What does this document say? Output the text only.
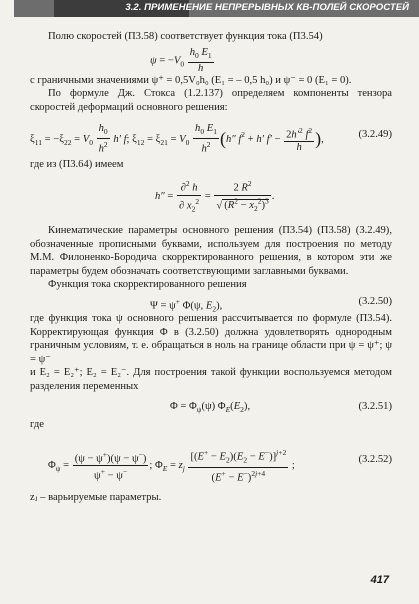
3.2. ПРИМЕНЕНИЕ НЕПРЕРЫВНЫХ КВ-ПОЛЕЙ СКОРОСТЕЙ

Полю скоростей (П3.58) соответствует функция тока (П3.54)

$\psi = -V_0 \frac{h_0 E_1}{h}$

с граничными значениями ψ⁺ = 0,5V₀h₀ (E₁ = – 0,5 h₀) и ψ⁻ = 0 (E₁ = 0).

По формуле Дж. Стокса (1.2.137) определяем компоненты тензора скоростей деформаций основного решения:

$\xi_{11} = -\xi_{22} = V_0 \frac{h_0}{h^2} h'$ f; $\xi_{12} = \xi_{21} = V_0 \frac{h_0 E_1}{h^2} (h''$ $f^2 + h'$ $f' - \frac{2h'^2 f^2}{h}$ ),	(3.2.49)

где из (П3.64) имеем

$h'' = \frac{\partial^2 h}{\partial x_2^2} = \frac{2 R^2}{√ (R^2 - x_2^2)^3}$ .

Кинематические параметры основного решения (П3.54) (П3.58) (3.2.49), обозначенные прописными буквами, используем для построения по методу М.М. Филоненко-Бородича скорректированного решения, в котором эти же параметры будем обозначать соответствующими заглавными буквами.

Функция тока скорректированного решения

Ψ = ψ+ Φ(ψ, $E_2$),	(3.2.50)

где функция тока ψ основного решения рассчитывается по формуле (П3.54). Корректирующая функция Φ в (3.2.50) должна удовлетворять однородным граничным условиям, т. е. обращаться в ноль на границе области при ψ = ψ⁺; ψ = ψ⁻

и E₂ = E₂⁺; E₂ = E₂⁻. Для построения такой функции воспользуемся методом разделения переменных

$\Phi = \Phi_\psi(\psi)$ $\Phi_E(E_2)$,	(3.2.51)

где

$\Phi_\psi = \frac{(\psi - \psi^+)(\psi - \psi^-)}{\psi^+ - \psi^-}$ ; $\Phi_E = z_j \frac{[(E^+ - E_2)(E_2 - E^-)]^{j+2}}{(E^+ - E^-)^{2j+4}}$ ;
(3.2.52)

zⱼ – варьируемые параметры.

417
